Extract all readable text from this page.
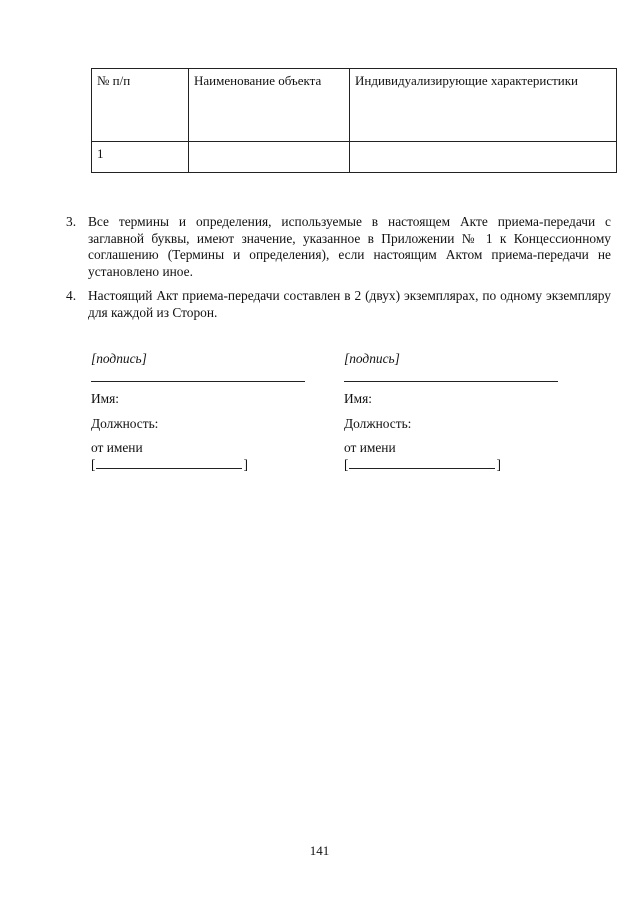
№ п/п	Наименование объекта	Индивидуализирующие характеристики
1		
3. Все термины и определения, используемые в настоящем Акте приема-передачи с заглавной буквы, имеют значение, указанное в Приложении № 1 к Концессионному соглашению (Термины и определения), если настоящим Актом приема-передачи не установлено иное.
4. Настоящий Акт приема-передачи составлен в 2 (двух) экземплярах, по одному экземпляру для каждой из Сторон.
[подпись]
Имя:
Должность:
от имени
[	]
[подпись]
Имя:
Должность:
от имени
[	]
141
